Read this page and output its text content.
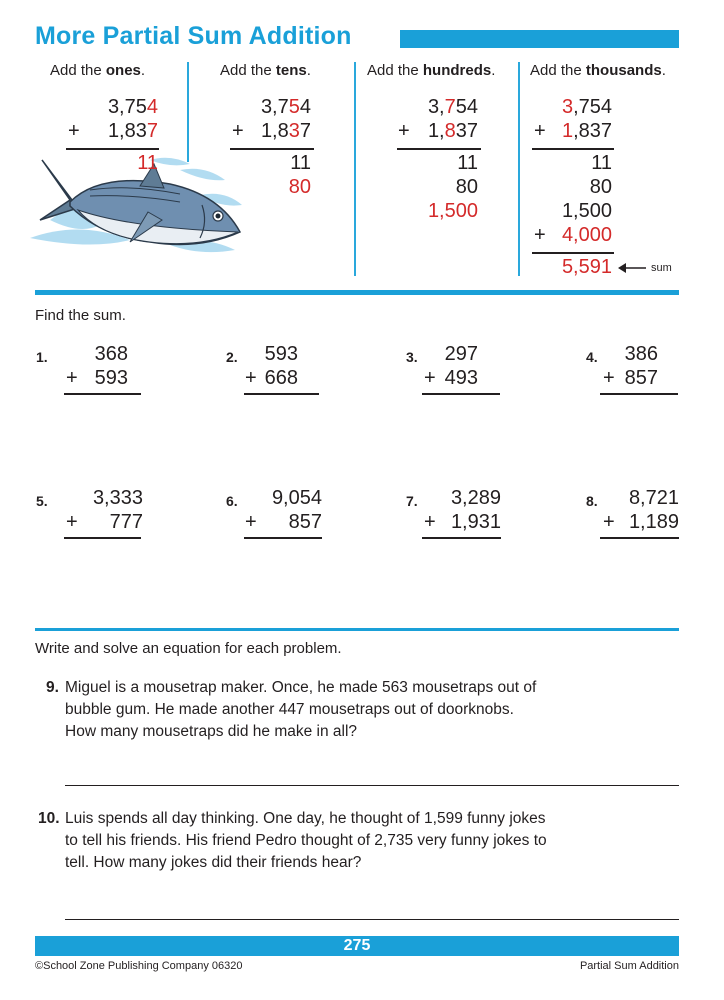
More Partial Sum Addition
Add the ones.	Add the tens.	Add the hundreds. Add the thousands.
3,754
+	1,837
11
3,754
+ 1,837
11
80
3,754
+ 1,837
11
80
1,500
3,754
+ 1,837
11
80
1,500
+ 4,000
5,591	sum
Find the sum.
1.	368
+ 593
2.	593
+ 668
3.	297
+ 493
4.	386
+ 857
5.	3,333
+	777
6.	9,054
+	857
7.	3,289
+ 1,931
8.	8,721
+ 1,189
Write and solve an equation for each problem.
9. Miguel is a mousetrap maker. Once, he made 563 mousetraps out of
bubble gum. He made another 447 mousetraps out of doorknobs.
How many mousetraps did he make in all?
10. Luis spends all day thinking. One day, he thought of 1,599 funny jokes
to tell his friends. His friend Pedro thought of 2,735 very funny jokes to
tell. How many jokes did their friends hear?
275
©School Zone Publishing Company 06320	Partial Sum Addition
